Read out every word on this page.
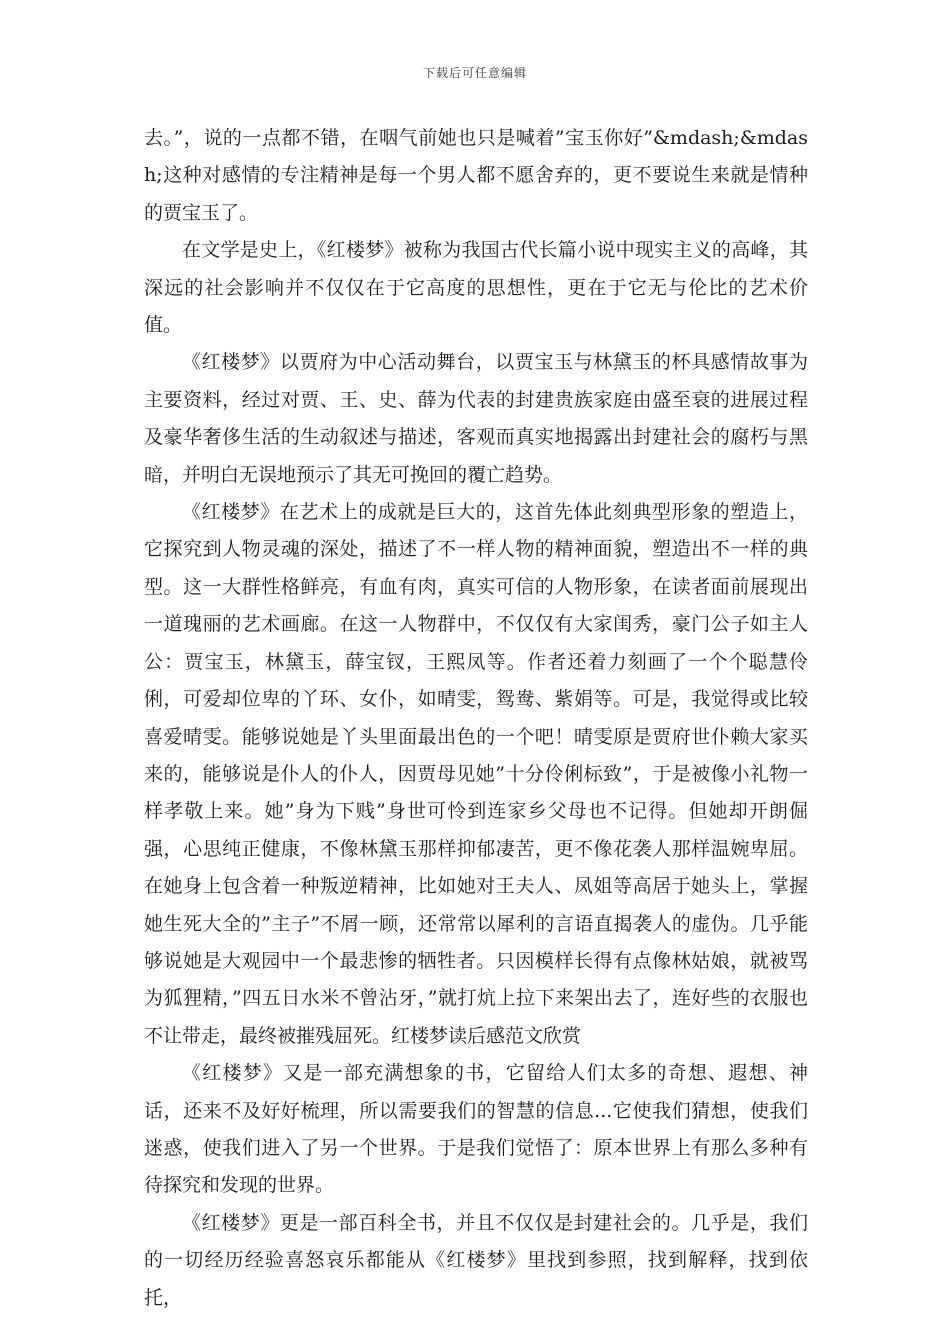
下载后可任意编辑

去。”，说的一点都不错，在咽气前她也只是喊着”宝玉你好”&mdash;&mdash;这种对感情的专注精神是每一个男人都不愿舍弃的，更不要说生来就是情种的贾宝玉了。

在文学是史上，《红楼梦》被称为我国古代长篇小说中现实主义的高峰，其深远的社会影响并不仅仅在于它高度的思想性，更在于它无与伦比的艺术价值。

《红楼梦》以贾府为中心活动舞台，以贾宝玉与林黛玉的杯具感情故事为主要资料，经过对贾、王、史、薛为代表的封建贵族家庭由盛至衰的进展过程及豪华奢侈生活的生动叙述与描述，客观而真实地揭露出封建社会的腐朽与黑暗，并明白无误地预示了其无可挽回的覆亡趋势。

《红楼梦》在艺术上的成就是巨大的，这首先体此刻典型形象的塑造上，它探究到人物灵魂的深处，描述了不一样人物的精神面貌，塑造出不一样的典型。这一大群性格鲜亮，有血有肉，真实可信的人物形象，在读者面前展现出一道瑰丽的艺术画廊。在这一人物群中，不仅仅有大家闺秀，豪门公子如主人公：贾宝玉，林黛玉，薛宝钗，王熙凤等。作者还着力刻画了一个个聪慧伶俐，可爱却位卑的丫环、女仆，如晴雯，鸳鸯、紫娟等。可是，我觉得或比较喜爱晴雯。能够说她是丫头里面最出色的一个吧！晴雯原是贾府世仆赖大家买来的，能够说是仆人的仆人，因贾母见她”十分伶俐标致”，于是被像小礼物一样孝敬上来。她”身为下贱”身世可怜到连家乡父母也不记得。但她却开朗倔强，心思纯正健康，不像林黛玉那样抑郁凄苦，更不像花袭人那样温婉卑屈。在她身上包含着一种叛逆精神，比如她对王夫人、凤姐等高居于她头上，掌握她生死大全的”主子”不屑一顾，还常常以犀利的言语直揭袭人的虚伪。几乎能够说她是大观园中一个最悲惨的牺牲者。只因模样长得有点像林姑娘，就被骂为狐狸精，”四五日水米不曾沾牙，”就打炕上拉下来架出去了，连好些的衣服也不让带走，最终被摧残屈死。红楼梦读后感范文欣赏

《红楼梦》又是一部充满想象的书，它留给人们太多的奇想、遐想、神话，还来不及好好梳理，所以需要我们的智慧的信息...它使我们猜想，使我们迷惑，使我们进入了另一个世界。于是我们觉悟了：原本世界上有那么多种有待探究和发现的世界。

《红楼梦》更是一部百科全书，并且不仅仅是封建社会的。几乎是，我们的一切经历经验喜怒哀乐都能从《红楼梦》里找到参照，找到解释，找到依托，
